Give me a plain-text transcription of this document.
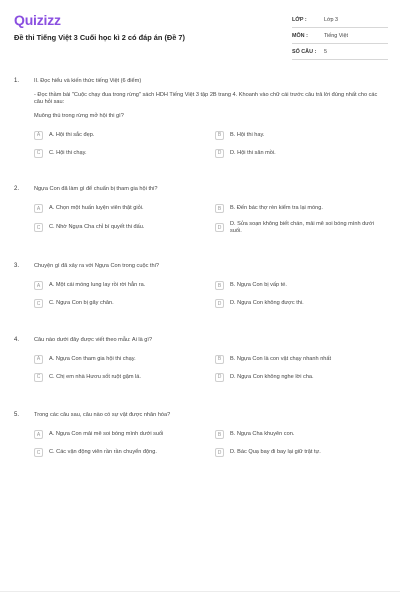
Quizizz
Đề thi Tiếng Việt 3 Cuối học kì 2 có đáp án (Đề 7)
LỚP :	Lớp 3
MÔN :	Tiếng Việt
SỐ CÂU :	5
1.	II. Đọc hiểu và kiến thức tiếng Việt (6 điểm)
- Đọc thầm bài "Cuộc chạy đua trong rừng" sách HDH Tiếng Việt 3 tập 2B trang 4. Khoanh vào chữ cái trước câu trả lời đúng nhất cho các câu hỏi sau:
Muông thú trong rừng mở hội thi gì?
A	A. Hội thi sắc đẹp.	B	B. Hội thi hay.
C	C. Hội thi chạy.	D	D. Hội thi săn mồi.
2.	Ngựa Con đã làm gì để chuẩn bị tham gia hội thi?
A	A. Chọn một huấn luyện viên thật giỏi.	B	B. Đến bác thợ rèn kiểm tra lại móng.
C	C. Nhờ Ngựa Cha chỉ bí quyết thi đấu.	D
D. Sửa soạn không biết chán, mải mê soi bóng mình dưới suối.
3.	Chuyện gì đã xảy ra với Ngựa Con trong cuộc thi?
A	A. Một cái móng lung lay rồi rời hẳn ra.	B	B. Ngựa Con bị vấp té.
C	C. Ngựa Con bị gãy chân.	D	D. Ngựa Con không được thi.
4.	Câu nào dưới đây được viết theo mẫu: Ai là gì?
A	A. Ngựa Con tham gia hội thi chạy.	B	B. Ngựa Con là con vật chạy nhanh nhất
C	C. Chị em nhà Hươu sốt ruột gặm lá.	D	D. Ngựa Con không nghe lời cha.
5.	Trong các câu sau, câu nào có sự vật được nhân hóa?
A	A. Ngựa Con mải mê soi bóng mình dưới suối	B	B. Ngựa Cha khuyên con.
C	C. Các vận động viên rần rần chuyển động.	D	D. Bác Quạ bay đi bay lại giữ trật tự.
